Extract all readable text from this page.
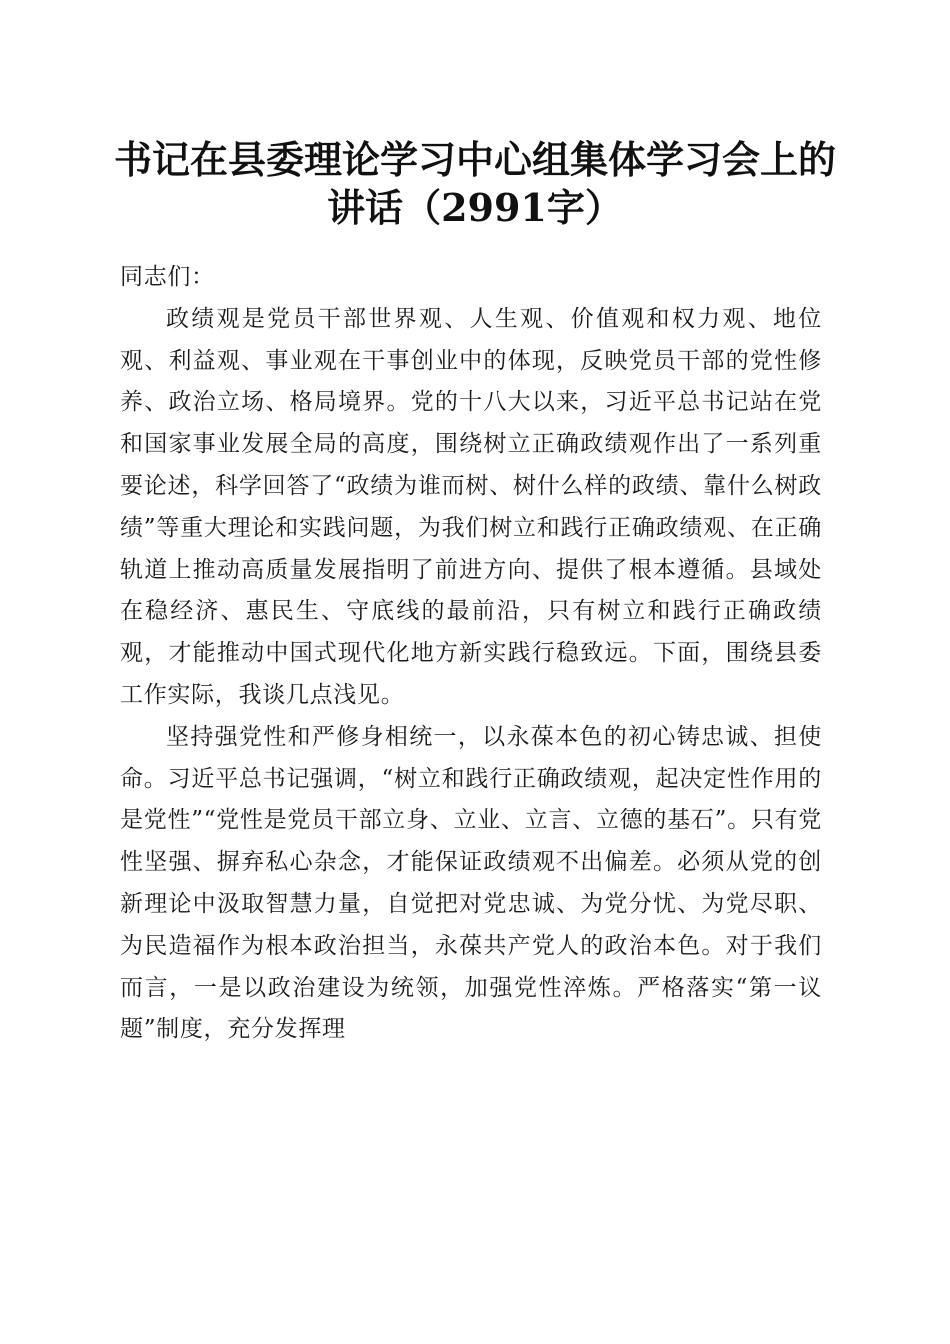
书记在县委理论学习中心组集体学习会上的讲话（2991字）

同志们：

政绩观是党员干部世界观、人生观、价值观和权力观、地位观、利益观、事业观在干事创业中的体现，反映党员干部的党性修养、政治立场、格局境界。党的十八大以来，习近平总书记站在党和国家事业发展全局的高度，围绕树立正确政绩观作出了一系列重要论述，科学回答了“政绩为谁而树、树什么样的政绩、靠什么树政绩”等重大理论和实践问题，为我们树立和践行正确政绩观、在正确轨道上推动高质量发展指明了前进方向、提供了根本遵循。县域处在稳经济、惠民生、守底线的最前沿，只有树立和践行正确政绩观，才能推动中国式现代化地方新实践行稳致远。下面，围绕县委工作实际，我谈几点浅见。

坚持强党性和严修身相统一，以永葆本色的初心铸忠诚、担使命。习近平总书记强调，“树立和践行正确政绩观，起决定性作用的是党性”“党性是党员干部立身、立业、立言、立德的基石”。只有党性坚强、摒弃私心杂念，才能保证政绩观不出偏差。必须从党的创新理论中汲取智慧力量，自觉把对党忠诚、为党分忧、为党尽职、为民造福作为根本政治担当，永葆共产党人的政治本色。对于我们而言，一是以政治建设为统领，加强党性淬炼。严格落实“第一议题”制度，充分发挥理
